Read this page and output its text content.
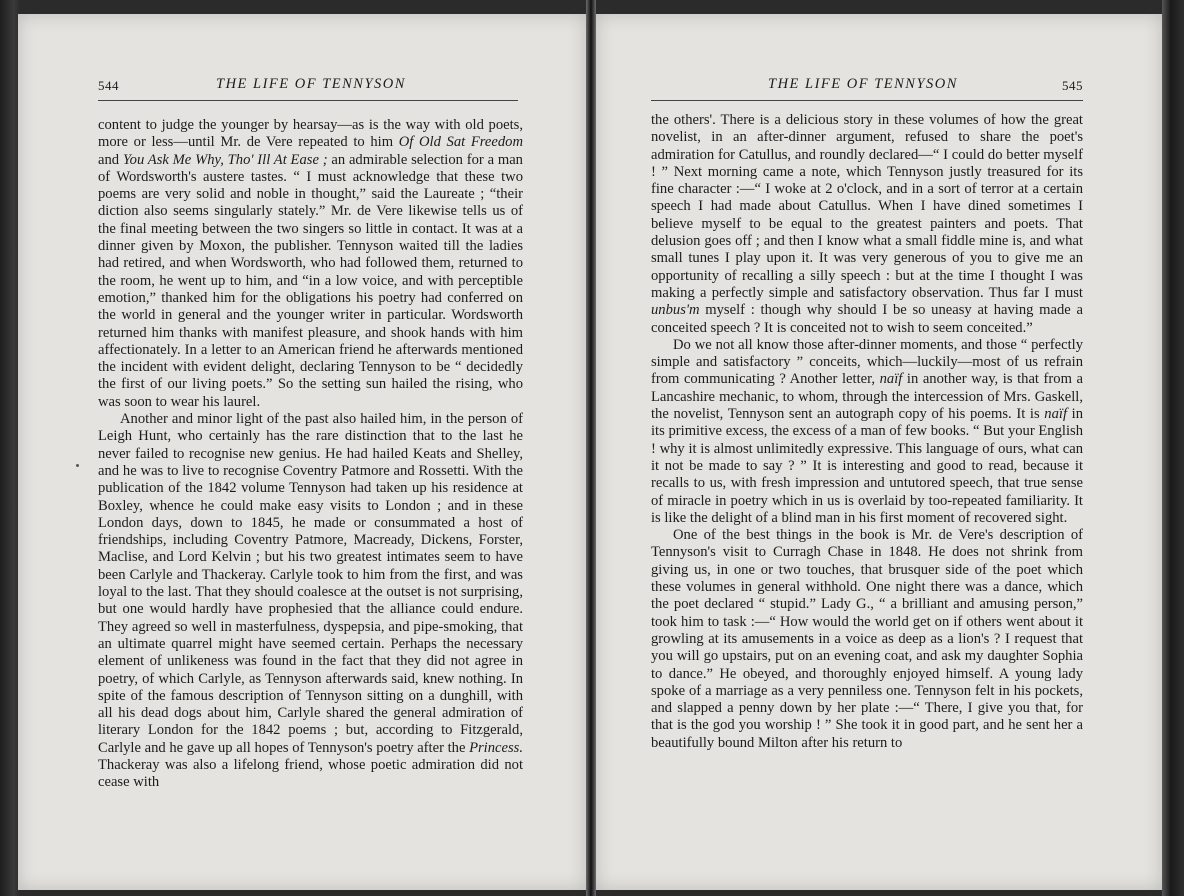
544	THE LIFE OF TENNYSON

content to judge the younger by hearsay—as is the way with old poets, more or less—until Mr. de Vere repeated to him Of Old Sat Freedom and You Ask Me Why, Tho' Ill At Ease ; an admirable selection for a man of Wordsworth's austere tastes. “ I must acknowledge that these two poems are very solid and noble in thought,” said the Laureate ; “their diction also seems singularly stately.” Mr. de Vere likewise tells us of the final meeting between the two singers so little in contact. It was at a dinner given by Moxon, the publisher. Tennyson waited till the ladies had retired, and when Wordsworth, who had followed them, returned to the room, he went up to him, and “in a low voice, and with perceptible emotion,” thanked him for the obligations his poetry had conferred on the world in general and the younger writer in particular. Wordsworth returned him thanks with manifest pleasure, and shook hands with him affectionately. In a letter to an American friend he afterwards mentioned the incident with evident delight, declaring Tennyson to be “ decidedly the first of our living poets.” So the setting sun hailed the rising, who was soon to wear his laurel.

Another and minor light of the past also hailed him, in the person of Leigh Hunt, who certainly has the rare distinction that to the last he never failed to recognise new genius. He had hailed Keats and Shelley, and he was to live to recognise Coventry Patmore and Rossetti. With the publication of the 1842 volume Tennyson had taken up his residence at Boxley, whence he could make easy visits to London ; and in these London days, down to 1845, he made or consummated a host of friendships, including Coventry Patmore, Macready, Dickens, Forster, Maclise, and Lord Kelvin ; but his two greatest intimates seem to have been Carlyle and Thackeray. Carlyle took to him from the first, and was loyal to the last. That they should coalesce at the outset is not surprising, but one would hardly have prophesied that the alliance could endure. They agreed so well in masterfulness, dyspepsia, and pipe-smoking, that an ultimate quarrel might have seemed certain. Perhaps the necessary element of unlikeness was found in the fact that they did not agree in poetry, of which Carlyle, as Tennyson afterwards said, knew nothing. In spite of the famous description of Tennyson sitting on a dunghill, with all his dead dogs about him, Carlyle shared the general admiration of literary London for the 1842 poems ; but, according to Fitzgerald, Carlyle and he gave up all hopes of Tennyson's poetry after the Princess. Thackeray was also a lifelong friend, whose poetic admiration did not cease with

THE LIFE OF TENNYSON	545

the others'. There is a delicious story in these volumes of how the great novelist, in an after-dinner argument, refused to share the poet's admiration for Catullus, and roundly declared—“ I could do better myself ! ” Next morning came a note, which Tennyson justly treasured for its fine character :—“ I woke at 2 o'clock, and in a sort of terror at a certain speech I had made about Catullus. When I have dined sometimes I believe myself to be equal to the greatest painters and poets. That delusion goes off ; and then I know what a small fiddle mine is, and what small tunes I play upon it. It was very generous of you to give me an opportunity of recalling a silly speech : but at the time I thought I was making a perfectly simple and satisfactory observation. Thus far I must unbus'm myself : though why should I be so uneasy at having made a conceited speech ? It is conceited not to wish to seem conceited.”

Do we not all know those after-dinner moments, and those “ perfectly simple and satisfactory ” conceits, which—luckily—most of us refrain from communicating ? Another letter, naïf in another way, is that from a Lancashire mechanic, to whom, through the intercession of Mrs. Gaskell, the novelist, Tennyson sent an autograph copy of his poems. It is naïf in its primitive excess, the excess of a man of few books. “ But your English ! why it is almost unlimitedly expressive. This language of ours, what can it not be made to say ? ” It is interesting and good to read, because it recalls to us, with fresh impression and untutored speech, that true sense of miracle in poetry which in us is overlaid by too-repeated familiarity. It is like the delight of a blind man in his first moment of recovered sight.

One of the best things in the book is Mr. de Vere's description of Tennyson's visit to Curragh Chase in 1848. He does not shrink from giving us, in one or two touches, that brusquer side of the poet which these volumes in general withhold. One night there was a dance, which the poet declared “ stupid.” Lady G., “ a brilliant and amusing person,” took him to task :—“ How would the world get on if others went about it growling at its amusements in a voice as deep as a lion's ? I request that you will go upstairs, put on an evening coat, and ask my daughter Sophia to dance.” He obeyed, and thoroughly enjoyed himself. A young lady spoke of a marriage as a very penniless one. Tennyson felt in his pockets, and slapped a penny down by her plate :—“ There, I give you that, for that is the god you worship ! ” She took it in good part, and he sent her a beautifully bound Milton after his return to
